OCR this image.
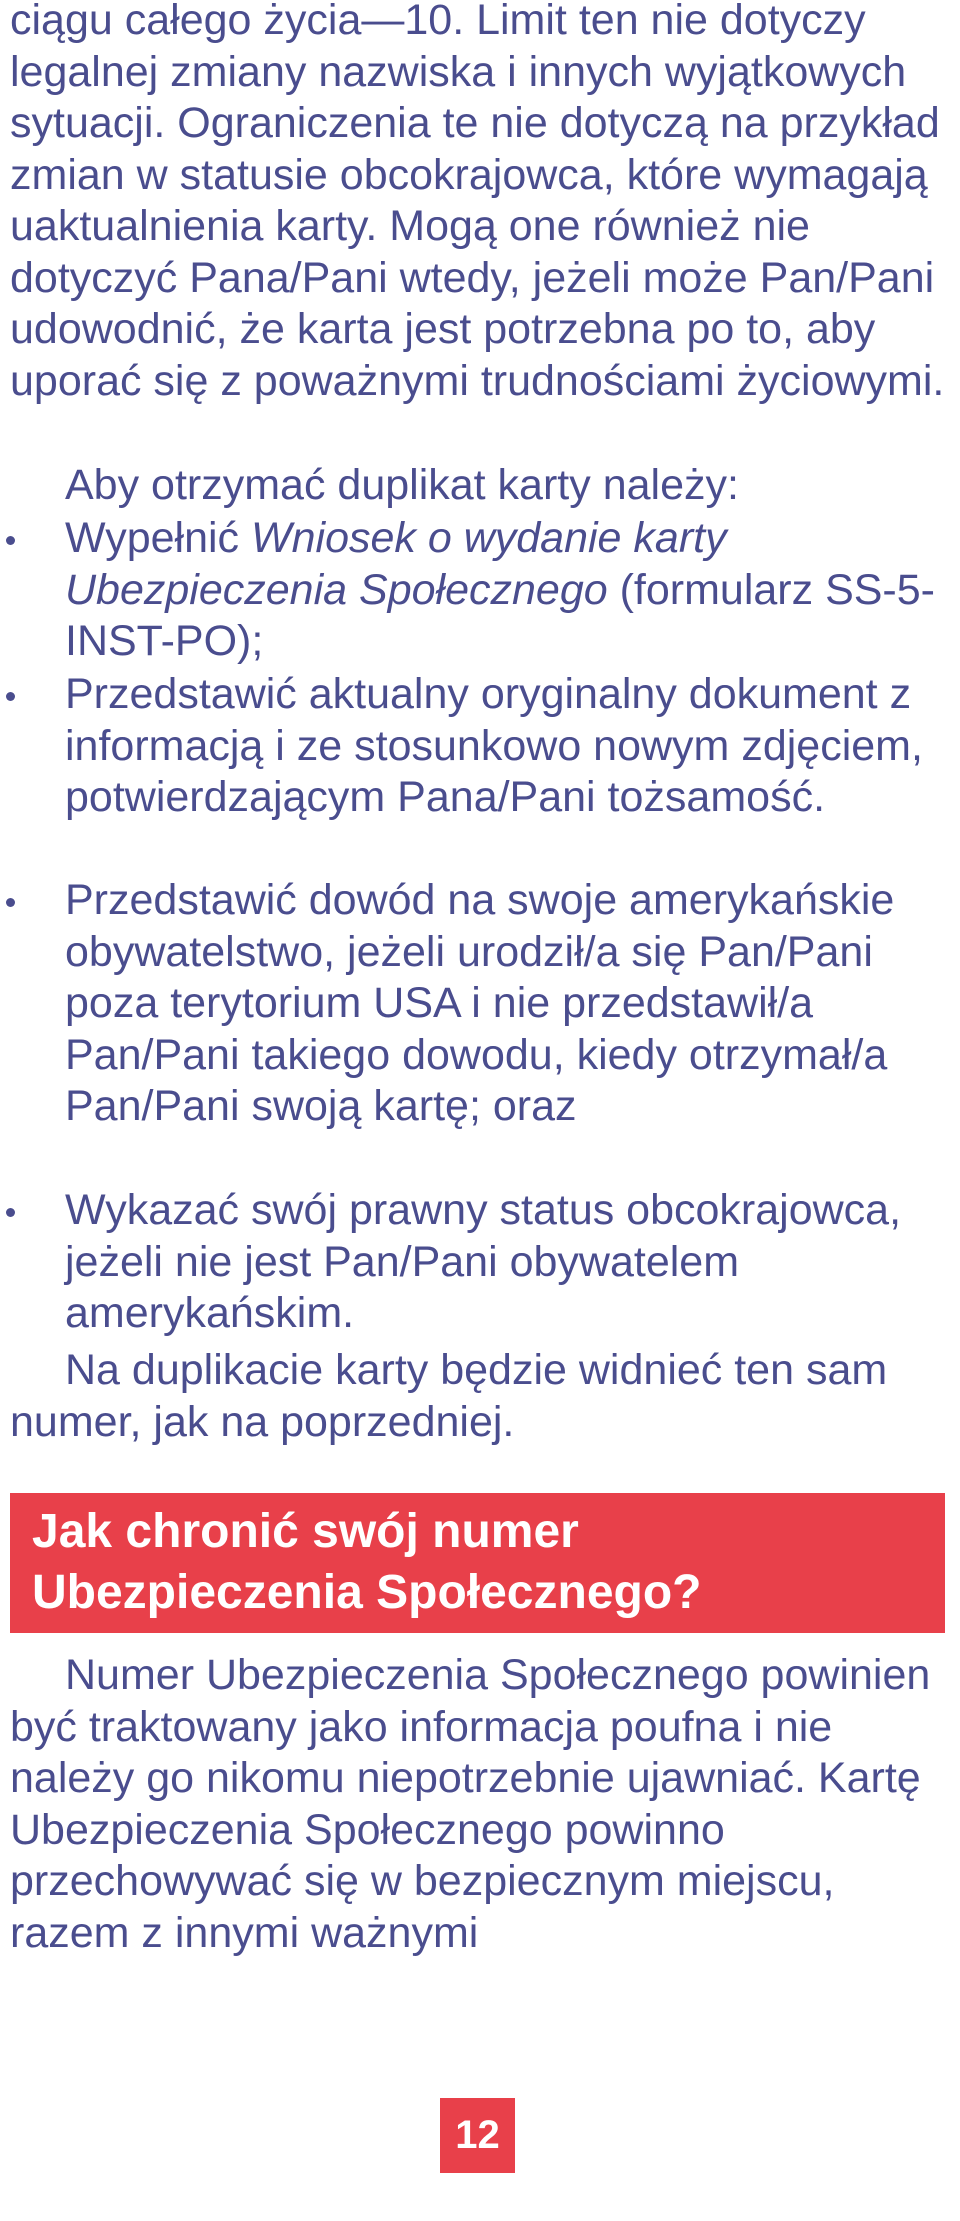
ciągu całego życia—10. Limit ten nie dotyczy legalnej zmiany nazwiska i innych wyjątkowych sytuacji. Ograniczenia te nie dotyczą na przykład zmian w statusie obcokrajowca, które wymagają uaktualnienia karty. Mogą one również nie dotyczyć Pana/Pani wtedy, jeżeli może Pan/Pani udowodnić, że karta jest potrzebna po to, aby uporać się z poważnymi trudnościami życiowymi.

Aby otrzymać duplikat karty należy:

Wypełnić Wniosek o wydanie karty Ubezpieczenia Społecznego (formularz SS-5-INST-PO);
Przedstawić aktualny oryginalny dokument z informacją i ze stosunkowo nowym zdjęciem, potwierdzającym Pana/Pani tożsamość.
Przedstawić dowód na swoje amerykańskie obywatelstwo, jeżeli urodził/a się Pan/Pani poza terytorium USA i nie przedstawił/a Pan/Pani takiego dowodu, kiedy otrzymał/a Pan/Pani swoją kartę; oraz
Wykazać swój prawny status obcokrajowca, jeżeli nie jest Pan/Pani obywatelem amerykańskim.

Na duplikacie karty będzie widnieć ten sam numer, jak na poprzedniej.

Jak chronić swój numer
Ubezpieczenia Społecznego?

Numer Ubezpieczenia Społecznego powinien być traktowany jako informacja poufna i nie należy go nikomu niepotrzebnie ujawniać. Kartę Ubezpieczenia Społecznego powinno przechowywać się w bezpiecznym miejscu, razem z innymi ważnymi

12
